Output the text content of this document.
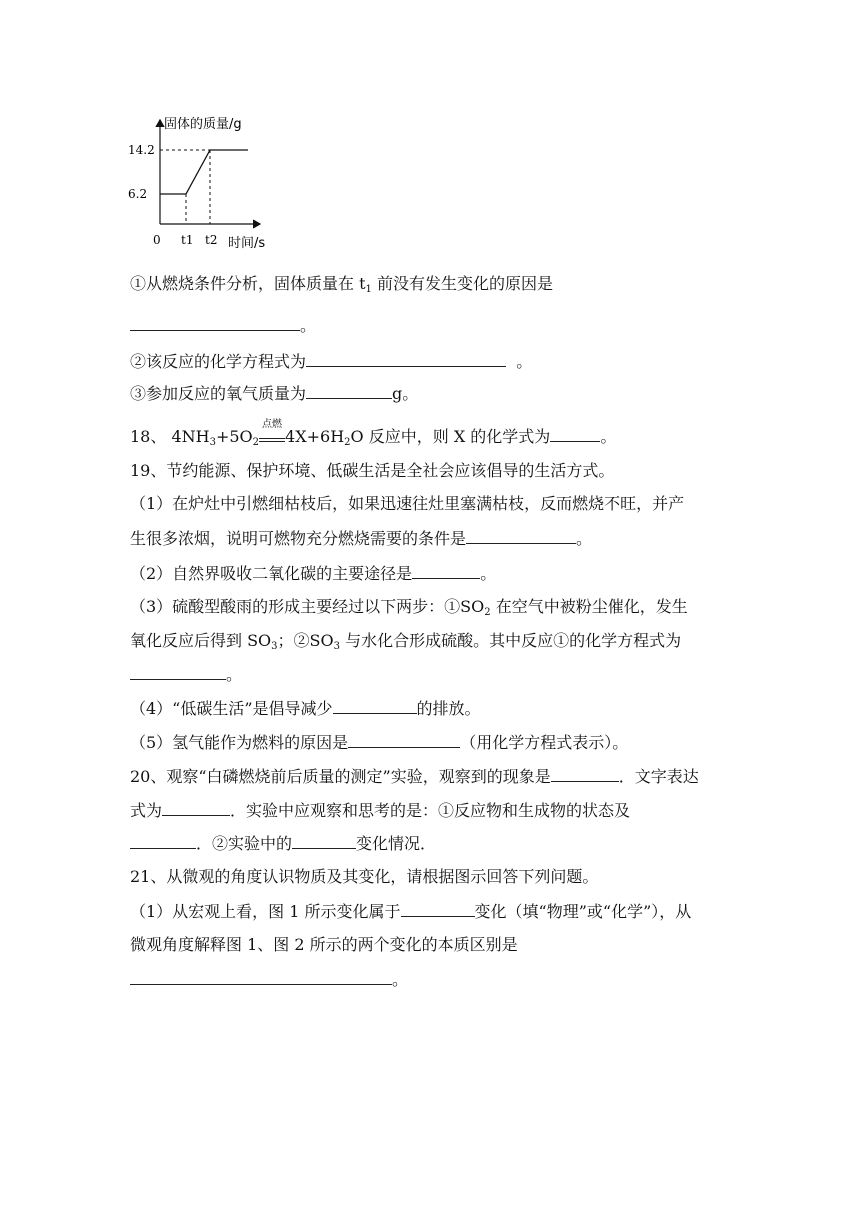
固体的质量/g
时间/s
0
14.2
6.2
t1 t2
①从燃烧条件分析，固体质量在 $t_1$ 前没有发生变化的原因是
。
②该反应的化学方程式为	。
③参加反应的氧气质量为	g。
18、 $4NH_3+5O_2$
点燃
$4X+6H_2O$ 反应中，则 X 的化学式为	。
19、节约能源、保护环境、低碳生活是全社会应该倡导的生活方式。
（1）在炉灶中引燃细枯枝后，如果迅速往灶里塞满枯枝，反而燃烧不旺，并产
生很多浓烟，说明可燃物充分燃烧需要的条件是	。
（2）自然界吸收二氧化碳的主要途径是	。
（3）硫酸型酸雨的形成主要经过以下两步：$①SO_2$ 在空气中被粉尘催化，发生
氧化反应后得到 $SO_3$；$②SO_3$ 与水化合形成硫酸。其中反应①的化学方程式为
。
（4）“低碳生活”是倡导减少	的排放。
（5）氢气能作为燃料的原因是	（用化学方程式表示）。
20、观察“白磷燃烧前后质量的测定”实验，观察到的现象是	．文字表达
式为	．实验中应观察和思考的是：①反应物和生成物的状态及
．②实验中的	变化情况．
21、从微观的角度认识物质及其变化，请根据图示回答下列问题。
（1）从宏观上看，图 1 所示变化属于	变化（填“物理”或“化学”），从
微观角度解释图 1、图 2 所示的两个变化的本质区别是
。
